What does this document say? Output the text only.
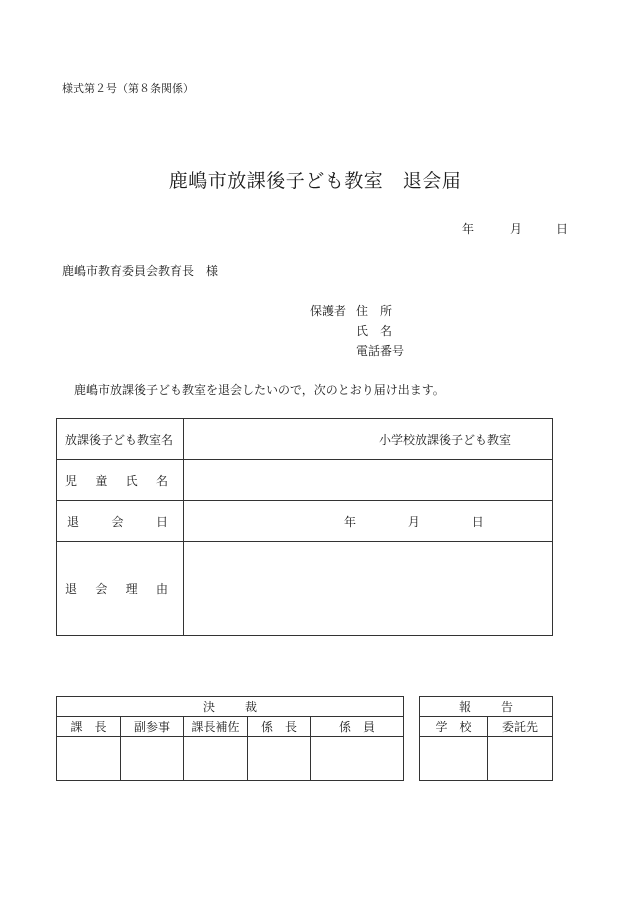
様式第２号（第８条関係）
鹿嶋市放課後子ども教室　退会届
年	月	日
鹿嶋市教育委員会教育長　様
保護者 住　所
氏　名
電話番号
鹿嶋市放課後子ども教室を退会したいので，次のとおり届け出ます。
放課後子ども教室名	小学校放課後子ども教室

児 童 氏 名	

退 会 日	年 月 日

退 会 理 由	

決裁				
課　長	副参事	課長補佐	係　長	係　員

報告	
学　校	委託先
